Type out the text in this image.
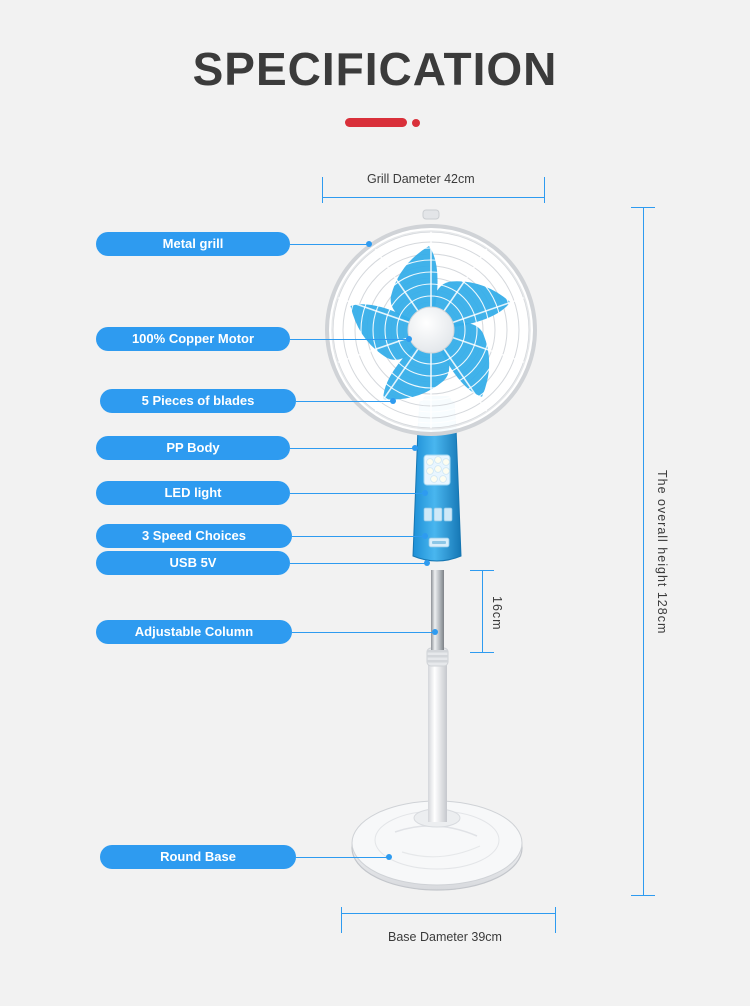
SPECIFICATION
Grill Dameter 42cm
The overall height 128cm
16cm
Base Dameter 39cm
Metal grill
100% Copper Motor
5 Pieces of blades
PP Body
LED light
3 Speed Choices
USB 5V
Adjustable Column
Round Base
